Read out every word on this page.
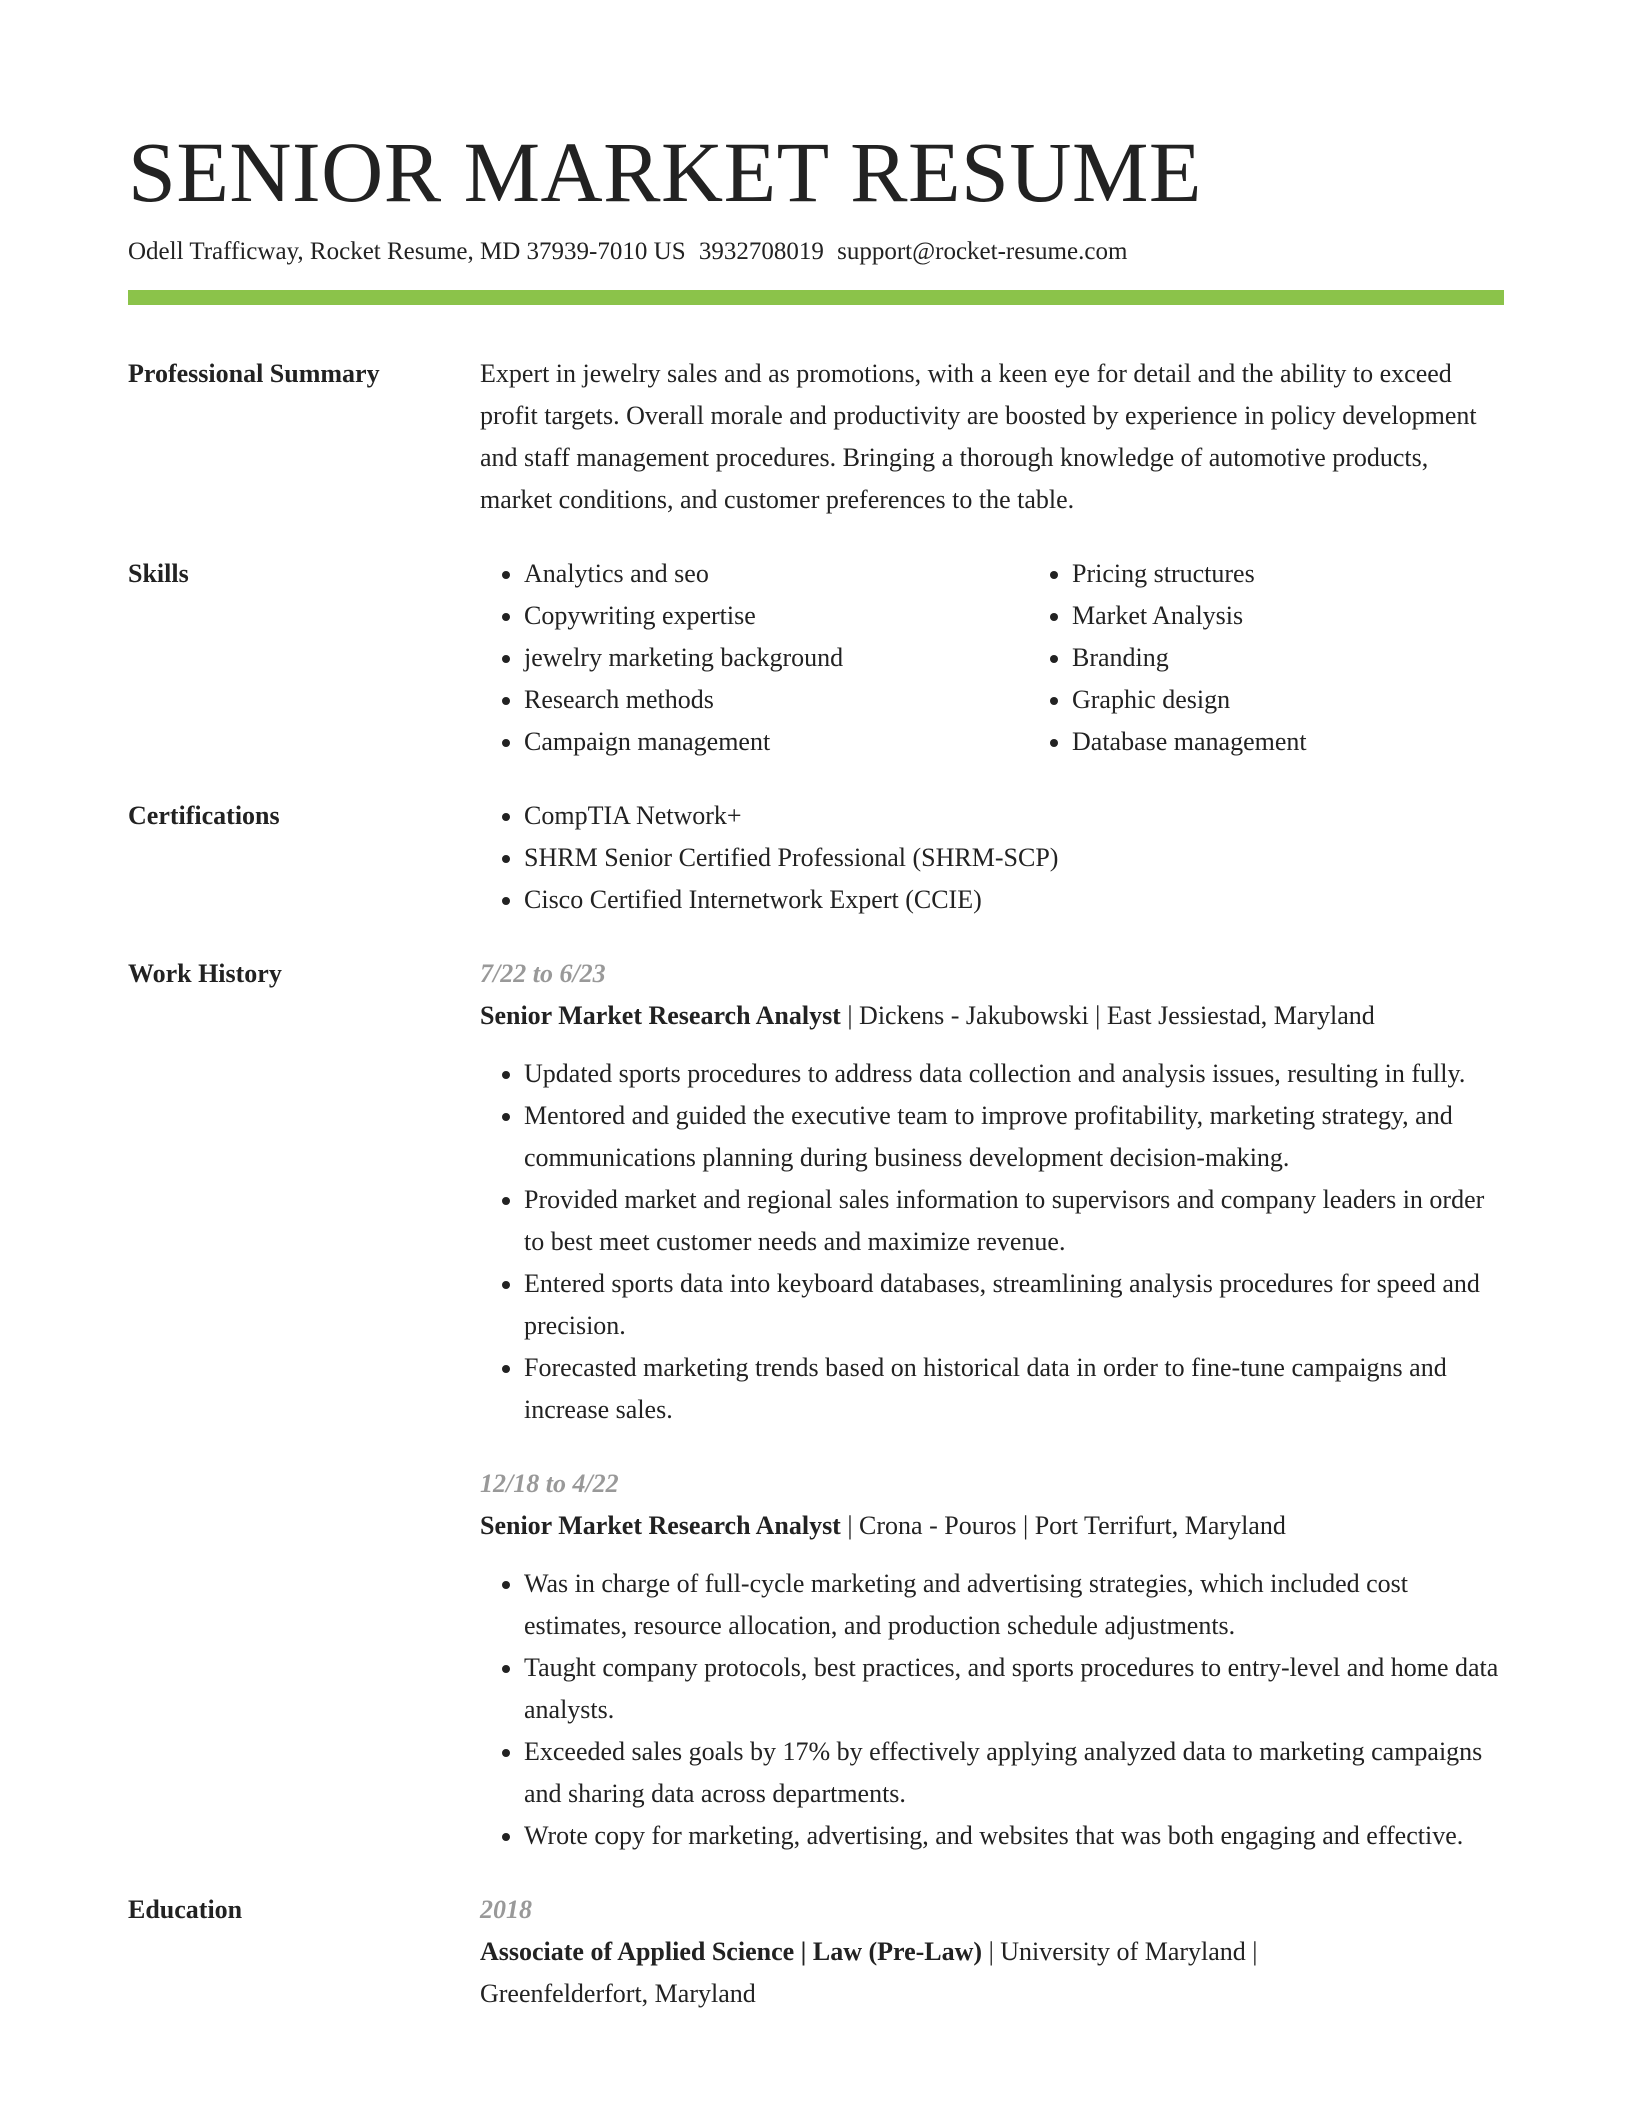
SENIOR MARKET RESUME
Odell Trafficway, Rocket Resume, MD 37939-7010 US 3932708019 support@rocket-resume.com
Professional Summary	Expert in jewelry sales and as promotions, with a keen eye for detail and the ability to exceed profit targets. Overall morale and productivity are boosted by experience in policy development and staff management procedures. Bringing a thorough knowledge of automotive products, market conditions, and customer preferences to the table.
Skills	• Analytics and seo
• Copywriting expertise
• jewelry marketing background
• Research methods
• Campaign management
• Pricing structures
• Market Analysis
• Branding
• Graphic design
• Database management
Certifications	• CompTIA Network+
• SHRM Senior Certified Professional (SHRM-SCP)
• Cisco Certified Internetwork Expert (CCIE)
Work History	7/22 to 6/23
Senior Market Research Analyst | Dickens - Jakubowski | East Jessiestad, Maryland
• Updated sports procedures to address data collection and analysis issues, resulting in fully.
• Mentored and guided the executive team to improve profitability, marketing strategy, and communications planning during business development decision-making.
• Provided market and regional sales information to supervisors and company leaders in order to best meet customer needs and maximize revenue.
• Entered sports data into keyboard databases, streamlining analysis procedures for speed and precision.
• Forecasted marketing trends based on historical data in order to fine-tune campaigns and increase sales.
12/18 to 4/22
Senior Market Research Analyst | Crona - Pouros | Port Terrifurt, Maryland
• Was in charge of full-cycle marketing and advertising strategies, which included cost estimates, resource allocation, and production schedule adjustments.
• Taught company protocols, best practices, and sports procedures to entry-level and home data analysts.
• Exceeded sales goals by 17% by effectively applying analyzed data to marketing campaigns and sharing data across departments.
• Wrote copy for marketing, advertising, and websites that was both engaging and effective.
Education	2018
Associate of Applied Science | Law (Pre-Law) | University of Maryland |
Greenfelderfort, Maryland
